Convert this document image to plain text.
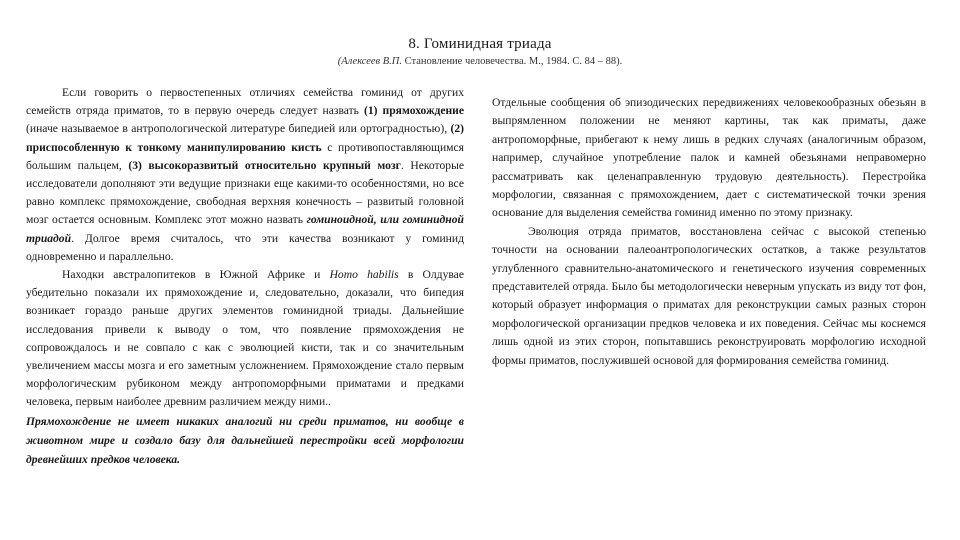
8. Гоминидная триада
(Алексеев В.П. Становление человечества. М., 1984. С. 84 – 88).

Если говорить о первостепенных отличиях семейства гоминид от других семейств отряда приматов, то в первую очередь следует назвать (1) прямохождение (иначе называемое в антропологической литературе бипедией или ортоградностью), (2) приспособленную к тонкому манипулированию кисть с противопоставляющимся большим пальцем, (3) высокоразвитый относительно крупный мозг. Некоторые исследователи дополняют эти ведущие признаки еще какими-то особенностями, но все равно комплекс прямохождение, свободная верхняя конечность – развитый головной мозг остается основным. Комплекс этот можно назвать гоминоидной, или гоминидной триадой. Долгое время считалось, что эти качества возникают у гоминид одновременно и параллельно.

Находки австралопитеков в Южной Африке и Homo habilis в Олдувае убедительно показали их прямохождение и, следовательно, доказали, что бипедия возникает гораздо раньше других элементов гоминидной триады. Дальнейшие исследования привели к выводу о том, что появление прямохождения не сопровождалось и не совпало с как с эволюцией кисти, так и со значительным увеличением массы мозга и его заметным усложнением. Прямохождение стало первым морфологическим рубиконом между антропоморфными приматами и предками человека, первым наиболее древним различием между ними..

Прямохождение не имеет никаких аналогий ни среди приматов, ни вообще в животном мире и создало базу для дальнейшей перестройки всей морфологии древнейших предков человека.

Отдельные сообщения об эпизодических передвижениях человекообразных обезьян в выпрямленном положении не меняют картины, так как приматы, даже антропоморфные, прибегают к нему лишь в редких случаях (аналогичным образом, например, случайное употребление палок и камней обезьянами неправомерно рассматривать как целенаправленную трудовую деятельность). Перестройка морфологии, связанная с прямохождением, дает с систематической точки зрения основание для выделения семейства гоминид именно по этому признаку.

Эволюция отряда приматов, восстановлена сейчас с высокой степенью точности на основании палеоантропологических остатков, а также результатов углубленного сравнительно-анатомического и генетического изучения современных представителей отряда. Было бы методологически неверным упускать из виду тот фон, который образует информация о приматах для реконструкции самых разных сторон морфологической организации предков человека и их поведения. Сейчас мы коснемся лишь одной из этих сторон, попытавшись реконструировать морфологию исходной формы приматов, послужившей основой для формирования семейства гоминид.
